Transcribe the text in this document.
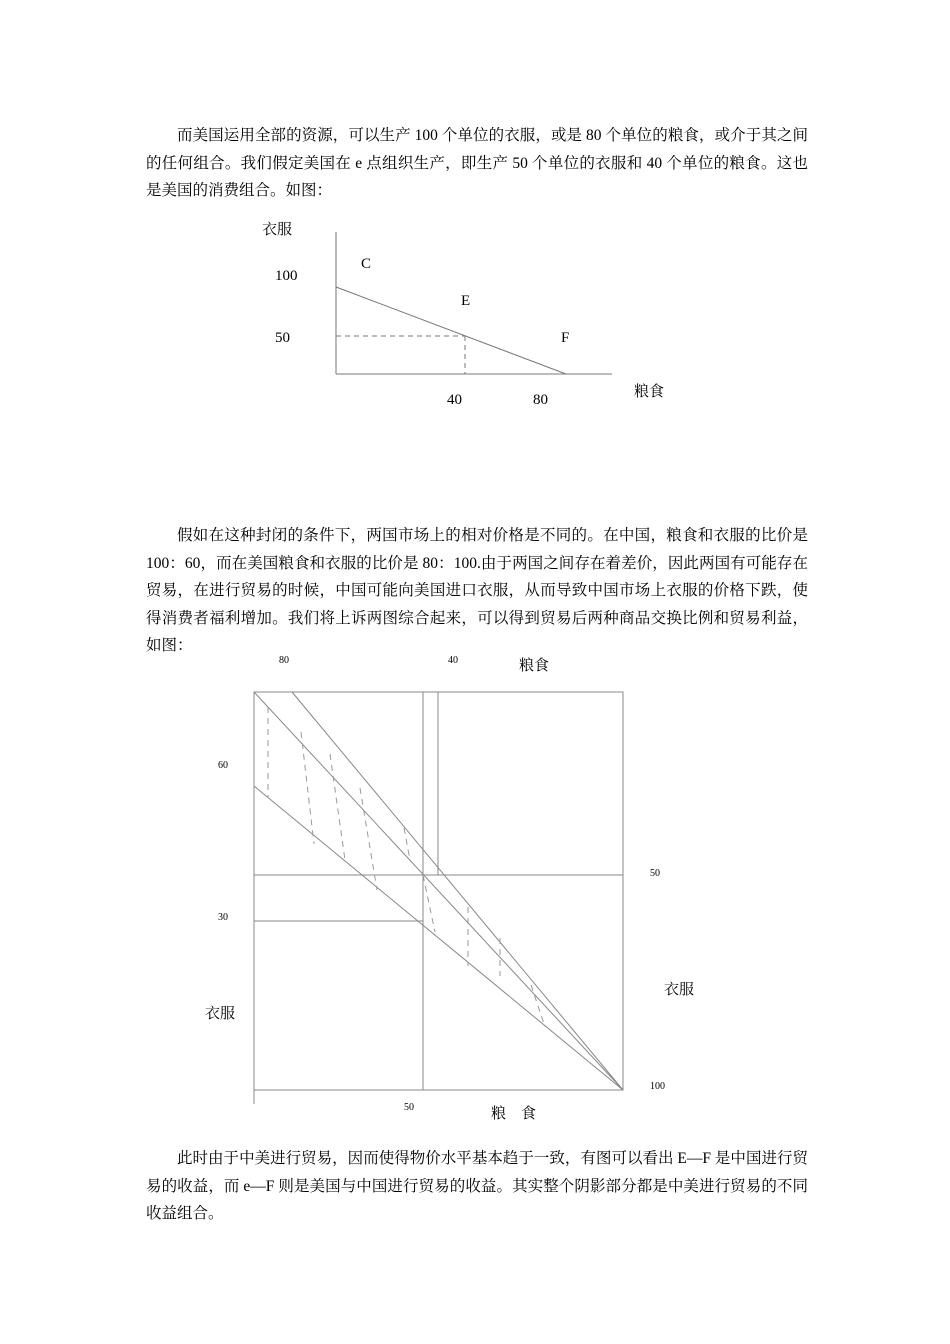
而美国运用全部的资源，可以生产 100 个单位的衣服，或是 80 个单位的粮食，或介于其之间的任何组合。我们假定美国在 e 点组织生产，即生产 50 个单位的衣服和 40 个单位的粮食。这也是美国的消费组合。如图：

衣服
100
50
C
E
F
40	80	粮食

假如在这种封闭的条件下，两国市场上的相对价格是不同的。在中国，粮食和衣服的比价是 100：60，而在美国粮食和衣服的比价是 80：100.由于两国之间存在着差价，因此两国有可能存在贸易，在进行贸易的时候，中国可能向美国进口衣服，从而导致中国市场上衣服的价格下跌，使得消费者福利增加。我们将上诉两图综合起来，可以得到贸易后两种商品交换比例和贸易利益，如图：

80	40	粮食
60
30
衣服
50
衣服
100
50	粮　食

此时由于中美进行贸易，因而使得物价水平基本趋于一致，有图可以看出 E—F 是中国进行贸易的收益，而 e—F 则是美国与中国进行贸易的收益。其实整个阴影部分都是中美进行贸易的不同收益组合。
